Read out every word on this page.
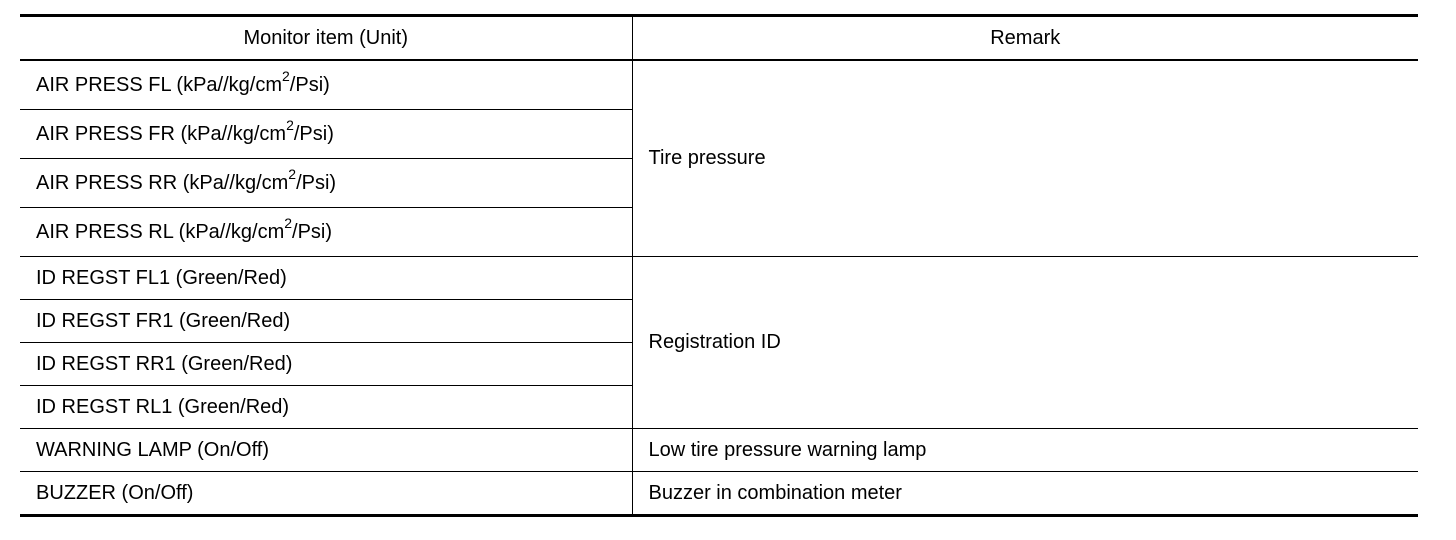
Monitor item (Unit)	Remark
AIR PRESS FL $(kPa//kg/cm^2/Psi)$	Tire pressure
AIR PRESS FR $(kPa//kg/cm^2/Psi)$	
AIR PRESS RR $(kPa//kg/cm^2/Psi)$	
AIR PRESS RL $(kPa//kg/cm^2/Psi)$	
ID REGST FL1 (Green/Red)	Registration ID
ID REGST FR1 (Green/Red)	
ID REGST RR1 (Green/Red)	
ID REGST RL1 (Green/Red)	
WARNING LAMP (On/Off)	Low tire pressure warning lamp
BUZZER (On/Off)	Buzzer in combination meter
